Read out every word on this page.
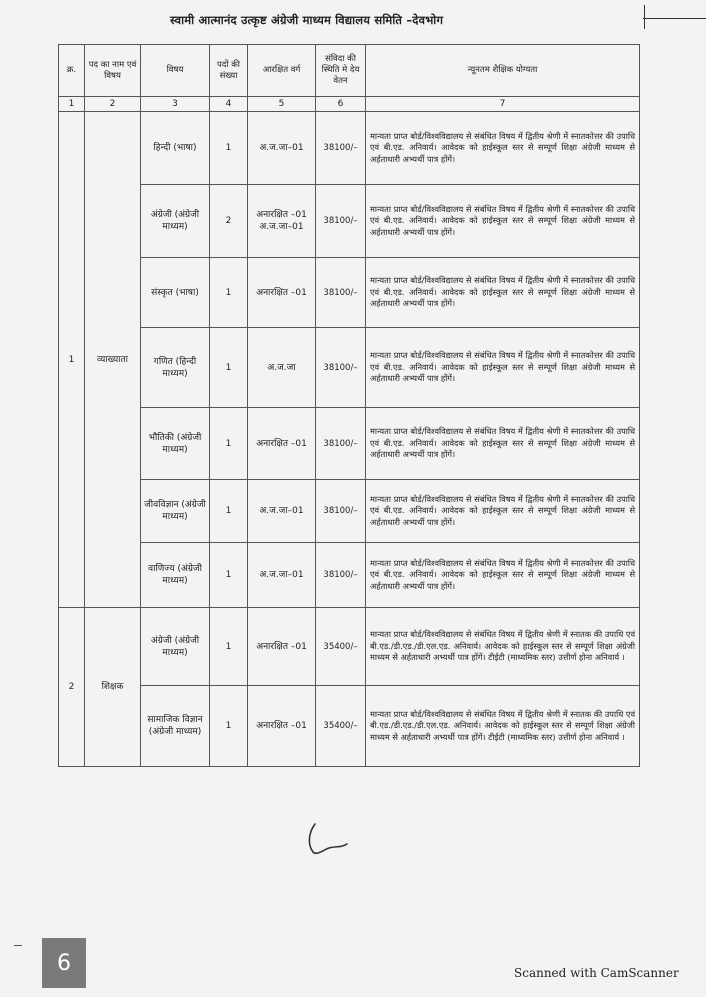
स्वामी आत्मानंद उत्कृष्ट अंग्रेजी माध्यम विद्यालय समिति –देवभोग
क्र.	पद का नाम एवं विषय	विषय	पदों की संख्या	आरक्षित वर्ग	संविदा की स्थिति मे देय वेतन	न्यूनतम शैक्षिक योग्यता
1	2	3	4	5	6	7
1	व्याख्याता	हिन्दी (भाषा)	1	अ.ज.जा–01	38100/–	मान्यता प्राप्त बोर्ड/विश्वविद्यालय से संबंधित विषय में द्वितीय श्रेणी में स्नातकोत्तर की उपाधि एवं बी.एड. अनिवार्य। आवेदक को हाईस्कूल स्तर से सम्पूर्ण शिक्षा अंग्रेजी माध्यम से अर्हताधारी अभ्यर्थी पात्र होंगें।
		अंग्रेजी (अंग्रेजी माध्यम)	2	अनारक्षित –01 अ.ज.जा–01	38100/–	मान्यता प्राप्त बोर्ड/विश्वविद्यालय से संबंधित विषय में द्वितीय श्रेणी में स्नातकोत्तर की उपाधि एवं बी.एड. अनिवार्य। आवेदक को हाईस्कूल स्तर से सम्पूर्ण शिक्षा अंग्रेजी माध्यम से अर्हताधारी अभ्यर्थी पात्र होंगें।
		संस्कृत (भाषा)	1	अनारक्षित –01	38100/–	मान्यता प्राप्त बोर्ड/विश्वविद्यालय से संबंधित विषय में द्वितीय श्रेणी में स्नातकोत्तर की उपाधि एवं बी.एड. अनिवार्य। आवेदक को हाईस्कूल स्तर से सम्पूर्ण शिक्षा अंग्रेजी माध्यम से अर्हताधारी अभ्यर्थी पात्र होंगें।
		गणित (हिन्दी माध्यम)	1	अ.ज.जा	38100/–	मान्यता प्राप्त बोर्ड/विश्वविद्यालय से संबंधित विषय में द्वितीय श्रेणी में स्नातकोत्तर की उपाधि एवं बी.एड. अनिवार्य। आवेदक को हाईस्कूल स्तर से सम्पूर्ण शिक्षा अंग्रेजी माध्यम से अर्हताधारी अभ्यर्थी पात्र होंगें।
		भौतिकी (अंग्रेजी माध्यम)	1	अनारक्षित –01	38100/–	मान्यता प्राप्त बोर्ड/विश्वविद्यालय से संबंधित विषय में द्वितीय श्रेणी में स्नातकोत्तर की उपाधि एवं बी.एड. अनिवार्य। आवेदक को हाईस्कूल स्तर से सम्पूर्ण शिक्षा अंग्रेजी माध्यम से अर्हताधारी अभ्यर्थी पात्र होंगें।
		जीवविज्ञान (अंग्रेजी माध्यम)	1	अ.ज.जा–01	38100/–	मान्यता प्राप्त बोर्ड/विश्वविद्यालय से संबंधित विषय में द्वितीय श्रेणी में स्नातकोत्तर की उपाधि एवं बी.एड. अनिवार्य। आवेदक को हाईस्कूल स्तर से सम्पूर्ण शिक्षा अंग्रेजी माध्यम से अर्हताधारी अभ्यर्थी पात्र होंगें।
		वाणिज्य (अंग्रेजी माध्यम)	1	अ.ज.जा–01	38100/–	मान्यता प्राप्त बोर्ड/विश्वविद्यालय से संबंधित विषय में द्वितीय श्रेणी में स्नातकोत्तर की उपाधि एवं बी.एड. अनिवार्य। आवेदक को हाईस्कूल स्तर से सम्पूर्ण शिक्षा अंग्रेजी माध्यम से अर्हताधारी अभ्यर्थी पात्र होंगें।
2	शिक्षक	अंग्रेजी (अंग्रेजी माध्यम)	1	अनारक्षित –01	35400/–	मान्यता प्राप्त बोर्ड/विश्वविद्यालय से संबंधित विषय में द्वितीय श्रेणी में स्नातक की उपाधि एवं बी.एड./डी.एड./डी.एल.एड. अनिवार्य। आवेदक को हाईस्कूल स्तर से सम्पूर्ण शिक्षा अंग्रेजी माध्यम से अर्हताधारी अभ्यर्थी पात्र होंगें। टीईटी (माध्यमिक स्तर) उत्तीर्ण होना अनिवार्य ।
		सामाजिक विज्ञान (अंग्रेजी माध्यम)	1	अनारक्षित –01	35400/–	मान्यता प्राप्त बोर्ड/विश्वविद्यालय से संबंधित विषय में द्वितीय श्रेणी में स्नातक की उपाधि एवं बी.एड./डी.एड./डी.एल.एड. अनिवार्य। आवेदक को हाईस्कूल स्तर से सम्पूर्ण शिक्षा अंग्रेजी माध्यम से अर्हताधारी अभ्यर्थी पात्र होंगें। टीईटी (माध्यमिक स्तर) उत्तीर्ण होना अनिवार्य ।
6	Scanned with CamScanner
